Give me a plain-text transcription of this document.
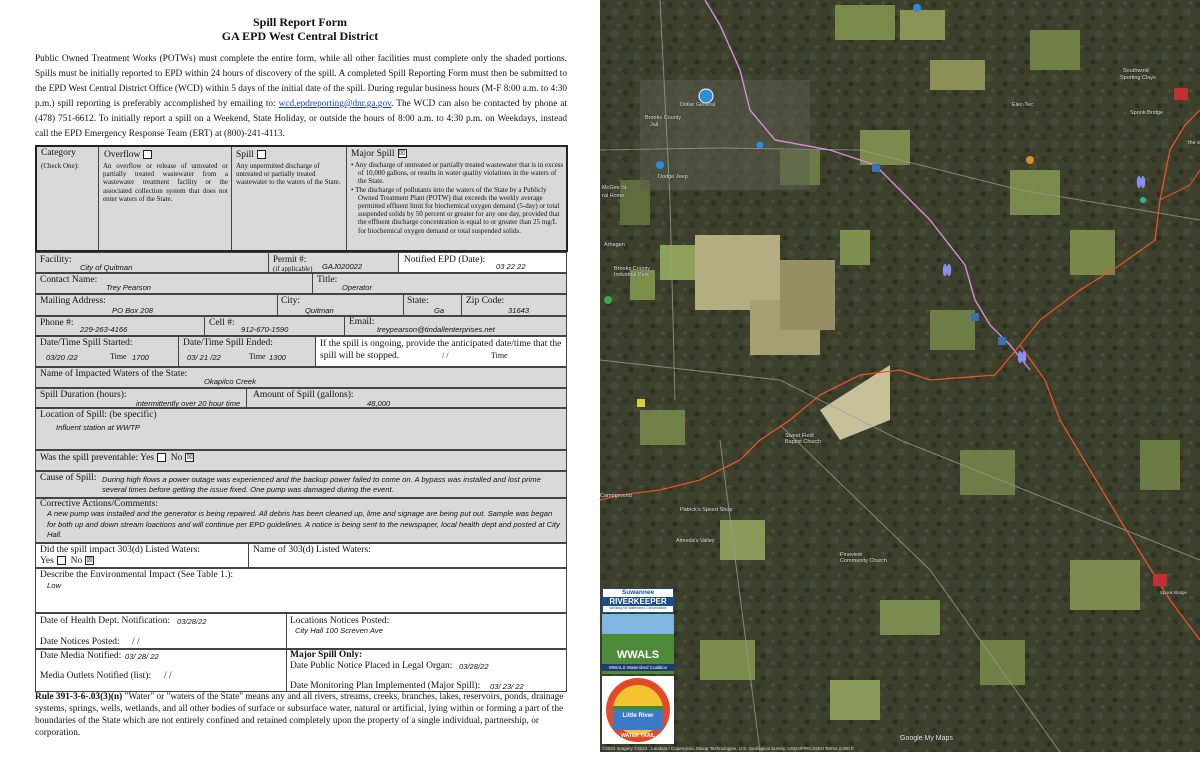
Spill Report Form
GA EPD West Central District
Public Owned Treatment Works (POTWs) must complete the entire form, while all other facilities must complete only the shaded portions. Spills must be initially reported to EPD within 24 hours of discovery of the spill. A completed Spill Reporting Form must then be submitted to the EPD West Central District Office (WCD) within 5 days of the initial date of the spill. During regular business hours (M-F 8:00 a.m. to 4:30 p.m.) spill reporting is preferably accomplished by emailing to: wcd.epdreporting@dnr.ga.gov. The WCD can also be contacted by phone at (478) 751-6612. To initially report a spill on a Weekend, State Holiday, or outside the hours of 8:00 a.m. to 4:30 p.m. on Weekdays, instead call the EPD Emergency Response Team (ERT) at (800)-241-4113.
Category
(Check One):
Overflow
An overflow or release of untreated or partially treated wastewater from a wastewater treatment facility or the associated collection system that does not enter waters of the State.
Spill
Any unpermitted discharge of untreated or partially treated wastewater to the waters of the State.
Major Spill ☒
• Any discharge of untreated or partially treated wastewater that is in excess of 10,000 gallons, or results in water quality violations in the waters of the State.
• The discharge of pollutants into the waters of the State by a Publicly Owned Treatment Plant (POTW) that exceeds the weekly average permitted effluent limit for biochemical oxygen demand (5-day) or total suspended solids by 50 percent or greater for any one day, provided that the effluent discharge concentration is equal to or greater than 25 mg/L for biochemical oxygen demand or total suspended solids.
Facility:
City of Quitman
Permit #:
(if applicable) GAJ020022
Notified EPD (Date):
03 22 22
Contact Name:
Trey Pearson
Title:
Operator
Mailing Address:
PO Box 208
City:
Quitman
State:
Ga
Zip Code:
31643
Phone #:
229-263-4166
Cell #:
912-670-1590
Email:
treypearson@tindallenterprises.net
Date/Time Spill Started:
03/20 /22	Time 1700
Date/Time Spill Ended:
03/ 21 /22	Time 1300
If the spill is ongoing, provide the anticipated date/time that the spill will be stopped.	/ /	Time
Name of Impacted Waters of the State:
Okapilco Creek
Spill Duration (hours):
intermittently over 20 hour time
Amount of Spill (gallons):
48,000
Location of Spill: (be specific)
Influent station at WWTP
Was the spill preventable: Yes No ☒
Cause of Spill: During high flows a power outage was experienced and the backup power failed to come on. A bypass was installed and lost prime several times before getting the issue fixed. One pump was damaged during the event.
Corrective Actions/Comments:
A new pump was installed and the generator is being repaired. All debris has been cleaned up, lime and signage are being put out. Sample was began for both up and down stream loactions and will continue per EPD guidelines. A notice is being sent to the newspaper, local health dept and posted at City Hall.
Did the spill impact 303(d) Listed Waters:
Yes No ☒
Name of 303(d) Listed Waters:
Describe the Environmental Impact (See Table 1.):
Low
Date of Health Dept. Notification: 03/28/22
Date Notices Posted: / /
Locations Notices Posted:
City Hall 100 Screven Ave
Date Media Notified: 03/ 28/ 22
Media Outlets Notified (list): / /
Major Spill Only:
Date Public Notice Placed in Legal Organ: 03/28/22
Date Monitoring Plan Implemented (Major Spill): 03/ 23/ 22
Rule 391-3-6-.03(3)(n) "Water" or "waters of the State" means any and all rivers, streams, creeks, branches, lakes, reservoirs, ponds, drainage systems, springs, wells, wetlands, and all other bodies of surface or subsurface water, natural or artificial, lying within or forming a part of the boundaries of the State which are not entirely confined and retained completely upon the property of a single individual, partnership, or corporation.
Brooks County
Jail
Dollar General	Elec-Tec
Southwind
Sporting Clays
Spook Bridge
the s
McGee St
ral Home
Dodge Jeep
Arhagen
Brooks County Industrial Park
Sweet Field Baptist Church
Campground
Patrick's Speed Shop
Almeda's Valley
Pineview Community Church
Spook Bridge
Google My Maps
©2022 Imagery ©2022 , Landsat / Copernicus, Maxar Technologies, U.S. Geological Survey, USDA/FPAC/GEO Terms 2,000 ft
Suwannee
RIVERKEEPER
Working for Watershed Conservation
WWALS
WWALS Watershed Coalition
Little River
WATER TRAIL
